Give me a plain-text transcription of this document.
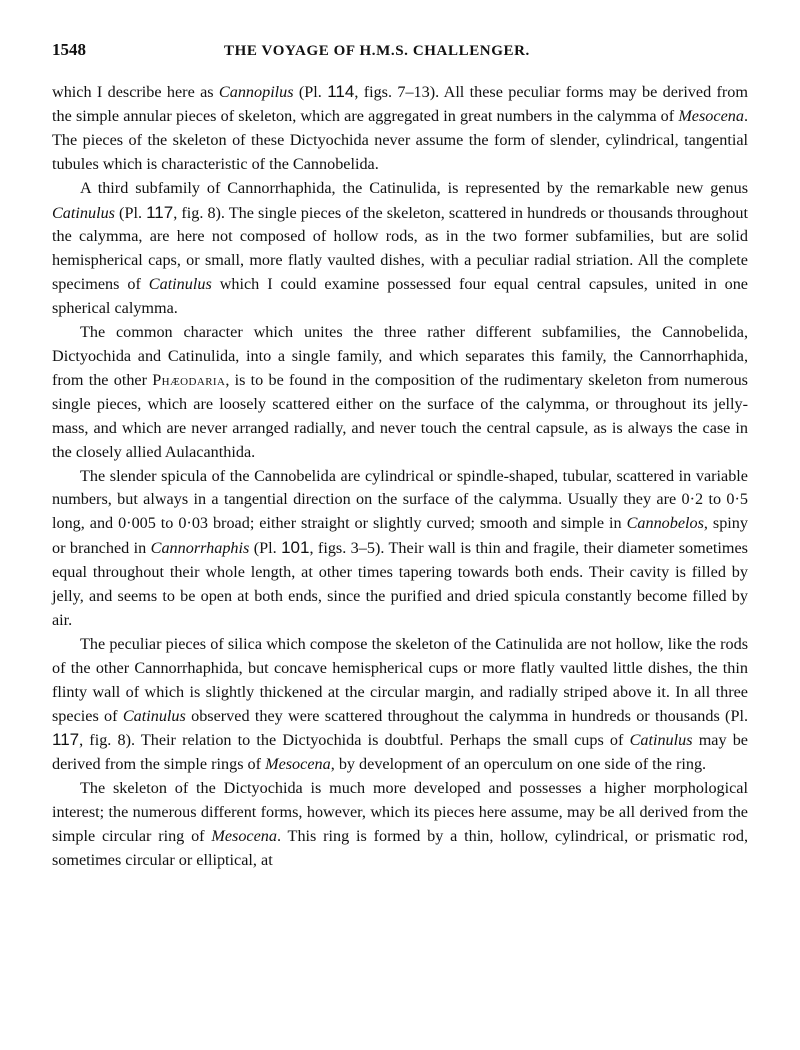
1548	THE VOYAGE OF H.M.S. CHALLENGER.

which I describe here as Cannopilus (Pl. 114, figs. 7–13). All these peculiar forms may be derived from the simple annular pieces of skeleton, which are aggregated in great numbers in the calymma of Mesocena. The pieces of the skeleton of these Dictyochida never assume the form of slender, cylindrical, tangential tubules which is characteristic of the Cannobelida.

A third subfamily of Cannorrhaphida, the Catinulida, is represented by the remarkable new genus Catinulus (Pl. 117, fig. 8). The single pieces of the skeleton, scattered in hundreds or thousands throughout the calymma, are here not composed of hollow rods, as in the two former subfamilies, but are solid hemispherical caps, or small, more flatly vaulted dishes, with a peculiar radial striation. All the complete specimens of Catinulus which I could examine possessed four equal central capsules, united in one spherical calymma.

The common character which unites the three rather different subfamilies, the Cannobelida, Dictyochida and Catinulida, into a single family, and which separates this family, the Cannorrhaphida, from the other Phæodaria, is to be found in the composition of the rudimentary skeleton from numerous single pieces, which are loosely scattered either on the surface of the calymma, or throughout its jelly-mass, and which are never arranged radially, and never touch the central capsule, as is always the case in the closely allied Aulacanthida.

The slender spicula of the Cannobelida are cylindrical or spindle-shaped, tubular, scattered in variable numbers, but always in a tangential direction on the surface of the calymma. Usually they are 0·2 to 0·5 long, and 0·005 to 0·03 broad; either straight or slightly curved; smooth and simple in Cannobelos, spiny or branched in Cannorrhaphis (Pl. 101, figs. 3–5). Their wall is thin and fragile, their diameter sometimes equal throughout their whole length, at other times tapering towards both ends. Their cavity is filled by jelly, and seems to be open at both ends, since the purified and dried spicula constantly become filled by air.

The peculiar pieces of silica which compose the skeleton of the Catinulida are not hollow, like the rods of the other Cannorrhaphida, but concave hemispherical cups or more flatly vaulted little dishes, the thin flinty wall of which is slightly thickened at the circular margin, and radially striped above it. In all three species of Catinulus observed they were scattered throughout the calymma in hundreds or thousands (Pl. 117, fig. 8). Their relation to the Dictyochida is doubtful. Perhaps the small cups of Catinulus may be derived from the simple rings of Mesocena, by development of an operculum on one side of the ring.

The skeleton of the Dictyochida is much more developed and possesses a higher morphological interest; the numerous different forms, however, which its pieces here assume, may be all derived from the simple circular ring of Mesocena. This ring is formed by a thin, hollow, cylindrical, or prismatic rod, sometimes circular or elliptical, at
